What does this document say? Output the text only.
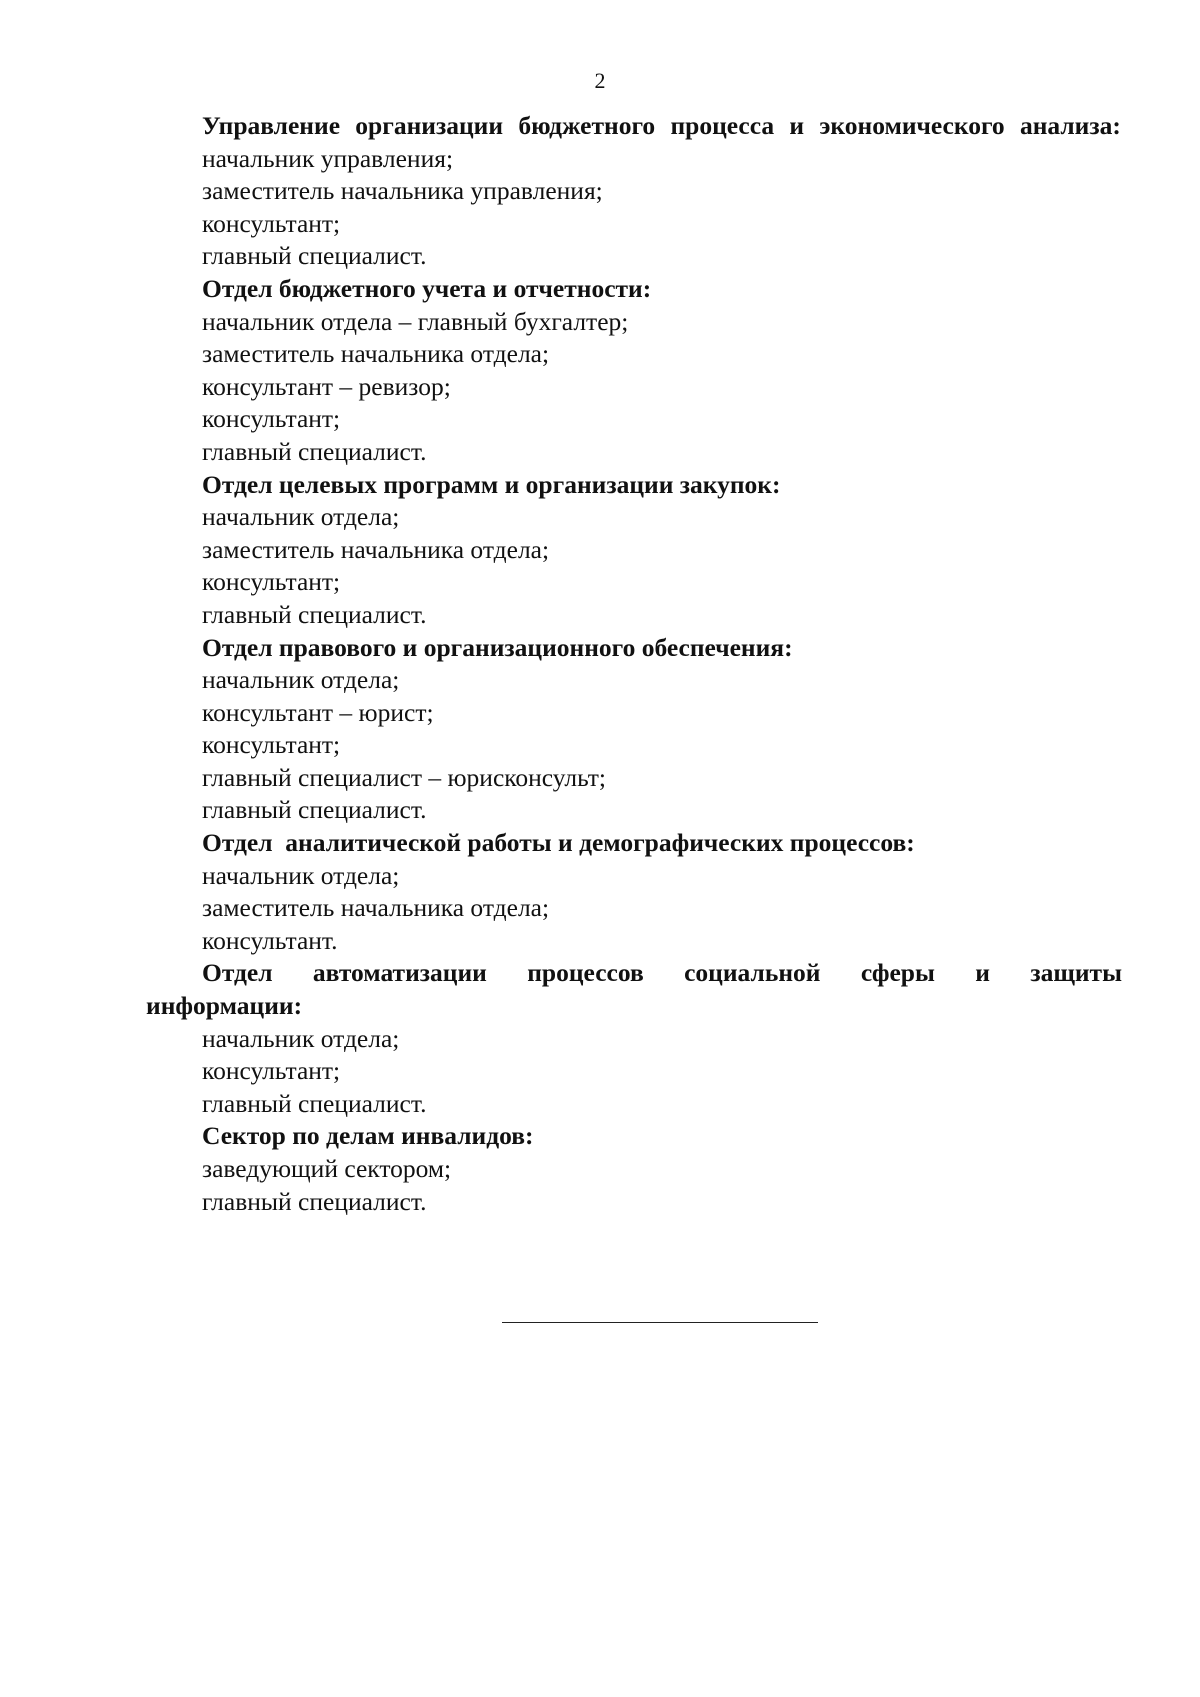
2
Управление организации бюджетного процесса и экономического анализа:
начальник управления;
заместитель начальника управления;
консультант;
главный специалист.
Отдел бюджетного учета и отчетности:
начальник отдела – главный бухгалтер;
заместитель начальника отдела;
консультант – ревизор;
консультант;
главный специалист.
Отдел целевых программ и организации закупок:
начальник отдела;
заместитель начальника отдела;
консультант;
главный специалист.
Отдел правового и организационного обеспечения:
начальник отдела;
консультант – юрист;
консультант;
главный специалист – юрисконсульт;
главный специалист.
Отдел  аналитической работы и демографических процессов:
начальник отдела;
заместитель начальника отдела;
консультант.
Отдел автоматизации процессов социальной сферы и защиты информации:
начальник отдела;
консультант;
главный специалист.
Сектор по делам инвалидов:
заведующий сектором;
главный специалист.
